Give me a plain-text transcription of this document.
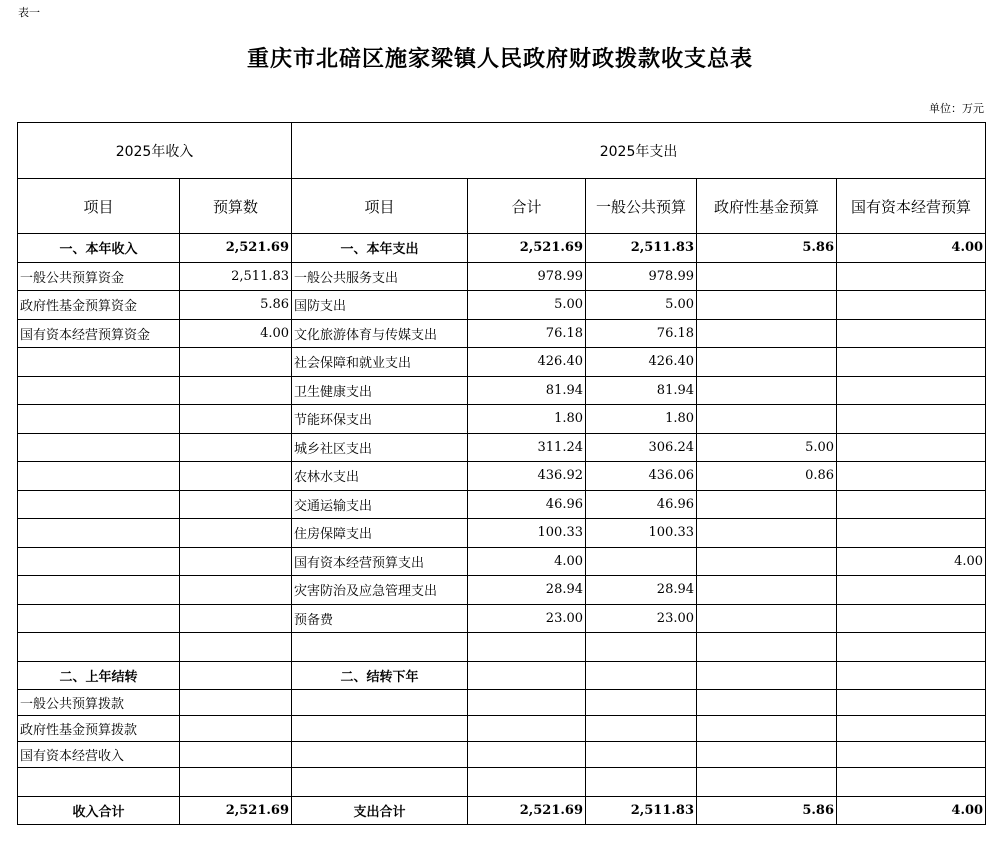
表一
重庆市北碚区施家梁镇人民政府财政拨款收支总表
单位：万元
2025年收入		2025年支出				
项目	预算数	项目	合计	一般公共预算	政府性基金预算	国有资本经营预算
一、本年收入	2,521.69	一、本年支出	2,521.69	2,511.83	5.86	4.00
一般公共预算资金	2,511.83	一般公共服务支出	978.99	978.99		
政府性基金预算资金	5.86	国防支出	5.00	5.00		
国有资本经营预算资金	4.00	文化旅游体育与传媒支出	76.18	76.18		
		社会保障和就业支出	426.40	426.40		
		卫生健康支出	81.94	81.94		
		节能环保支出	1.80	1.80		
		城乡社区支出	311.24	306.24	5.00	
		农林水支出	436.92	436.06	0.86	
		交通运输支出	46.96	46.96		
		住房保障支出	100.33	100.33		
		国有资本经营预算支出	4.00			4.00
		灾害防治及应急管理支出	28.94	28.94		
		预备费	23.00	23.00		

二、上年结转		二、结转下年				
一般公共预算拨款						
政府性基金预算拨款						
国有资本经营收入						

收入合计	2,521.69	支出合计	2,521.69	2,511.83	5.86	4.00
